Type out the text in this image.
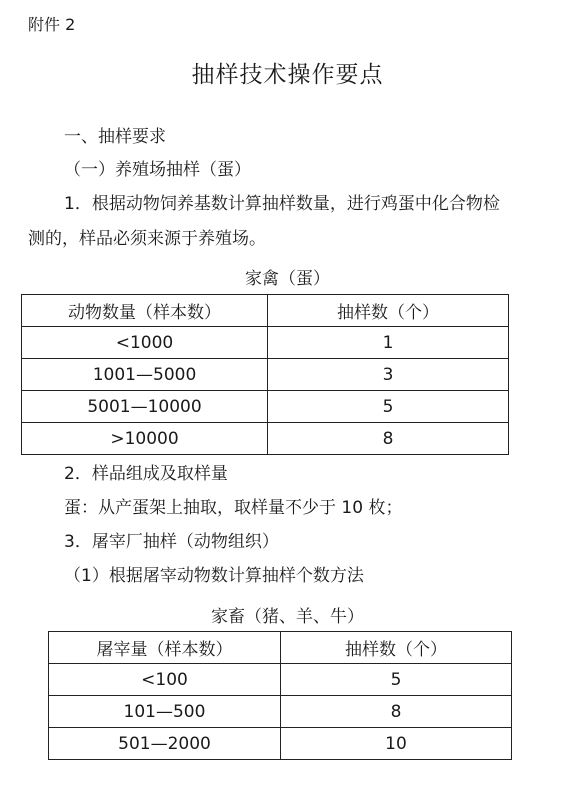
附件 2
抽样技术操作要点
一、抽样要求
（一）养殖场抽样（蛋）
1．根据动物饲养基数计算抽样数量，进行鸡蛋中化合物检
测的，样品必须来源于养殖场。
家禽（蛋）
动物数量（样本数）	抽样数（个）
<1000	1
1001—5000	3
5001—10000	5
>10000	8
2．样品组成及取样量
蛋：从产蛋架上抽取，取样量不少于 10 枚；
3．屠宰厂抽样（动物组织）
（1）根据屠宰动物数计算抽样个数方法
家畜（猪、羊、牛）
屠宰量（样本数）	抽样数（个）
<100	5
101—500	8
501—2000	10
